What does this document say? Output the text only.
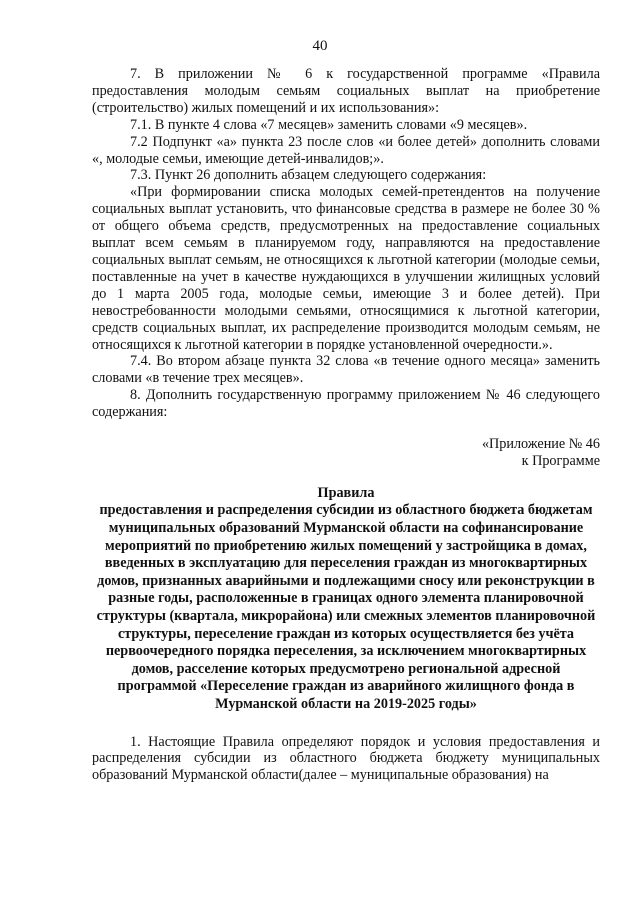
40

7. В приложении № 6 к государственной программе «Правила предоставления молодым семьям социальных выплат на приобретение (строительство) жилых помещений и их использования»:

7.1. В пункте 4 слова «7 месяцев» заменить словами «9 месяцев».

7.2 Подпункт «а» пункта 23 после слов «и более детей» дополнить словами «, молодые семьи, имеющие детей-инвалидов;».

7.3. Пункт 26 дополнить абзацем следующего содержания:

«При формировании списка молодых семей-претендентов на получение социальных выплат установить, что финансовые средства в размере не более 30 % от общего объема средств, предусмотренных на предоставление социальных выплат всем семьям в планируемом году, направляются на предоставление социальных выплат семьям, не относящихся к льготной категории (молодые семьи, поставленные на учет в качестве нуждающихся в улучшении жилищных условий до 1 марта 2005 года, молодые семьи, имеющие 3 и более детей). При невостребованности молодыми семьями, относящимися к льготной категории, средств социальных выплат, их распределение производится молодым семьям, не относящихся к льготной категории в порядке установленной очередности.».

7.4. Во втором абзаце пункта 32 слова «в течение одного месяца» заменить словами «в течение трех месяцев».

8. Дополнить государственную программу приложением № 46 следующего содержания:

«Приложение № 46

к Программе

Правила

предоставления и распределения субсидии из областного бюджета бюджетам муниципальных образований Мурманской области на софинансирование мероприятий по приобретению жилых помещений у застройщика в домах, введенных в эксплуатацию для переселения граждан из многоквартирных домов, признанных аварийными и подлежащими сносу или реконструкции в разные годы, расположенные в границах одного элемента планировочной структуры (квартала, микрорайона) или смежных элементов планировочной структуры, переселение граждан из которых осуществляется без учёта первоочередного порядка переселения, за исключением многоквартирных домов, расселение которых предусмотрено региональной адресной программой «Переселение граждан из аварийного жилищного фонда в Мурманской области на 2019-2025 годы»

1. Настоящие Правила определяют порядок и условия предоставления и распределения субсидии из областного бюджета бюджету муниципальных образований Мурманской области(далее – муниципальные образования) на
